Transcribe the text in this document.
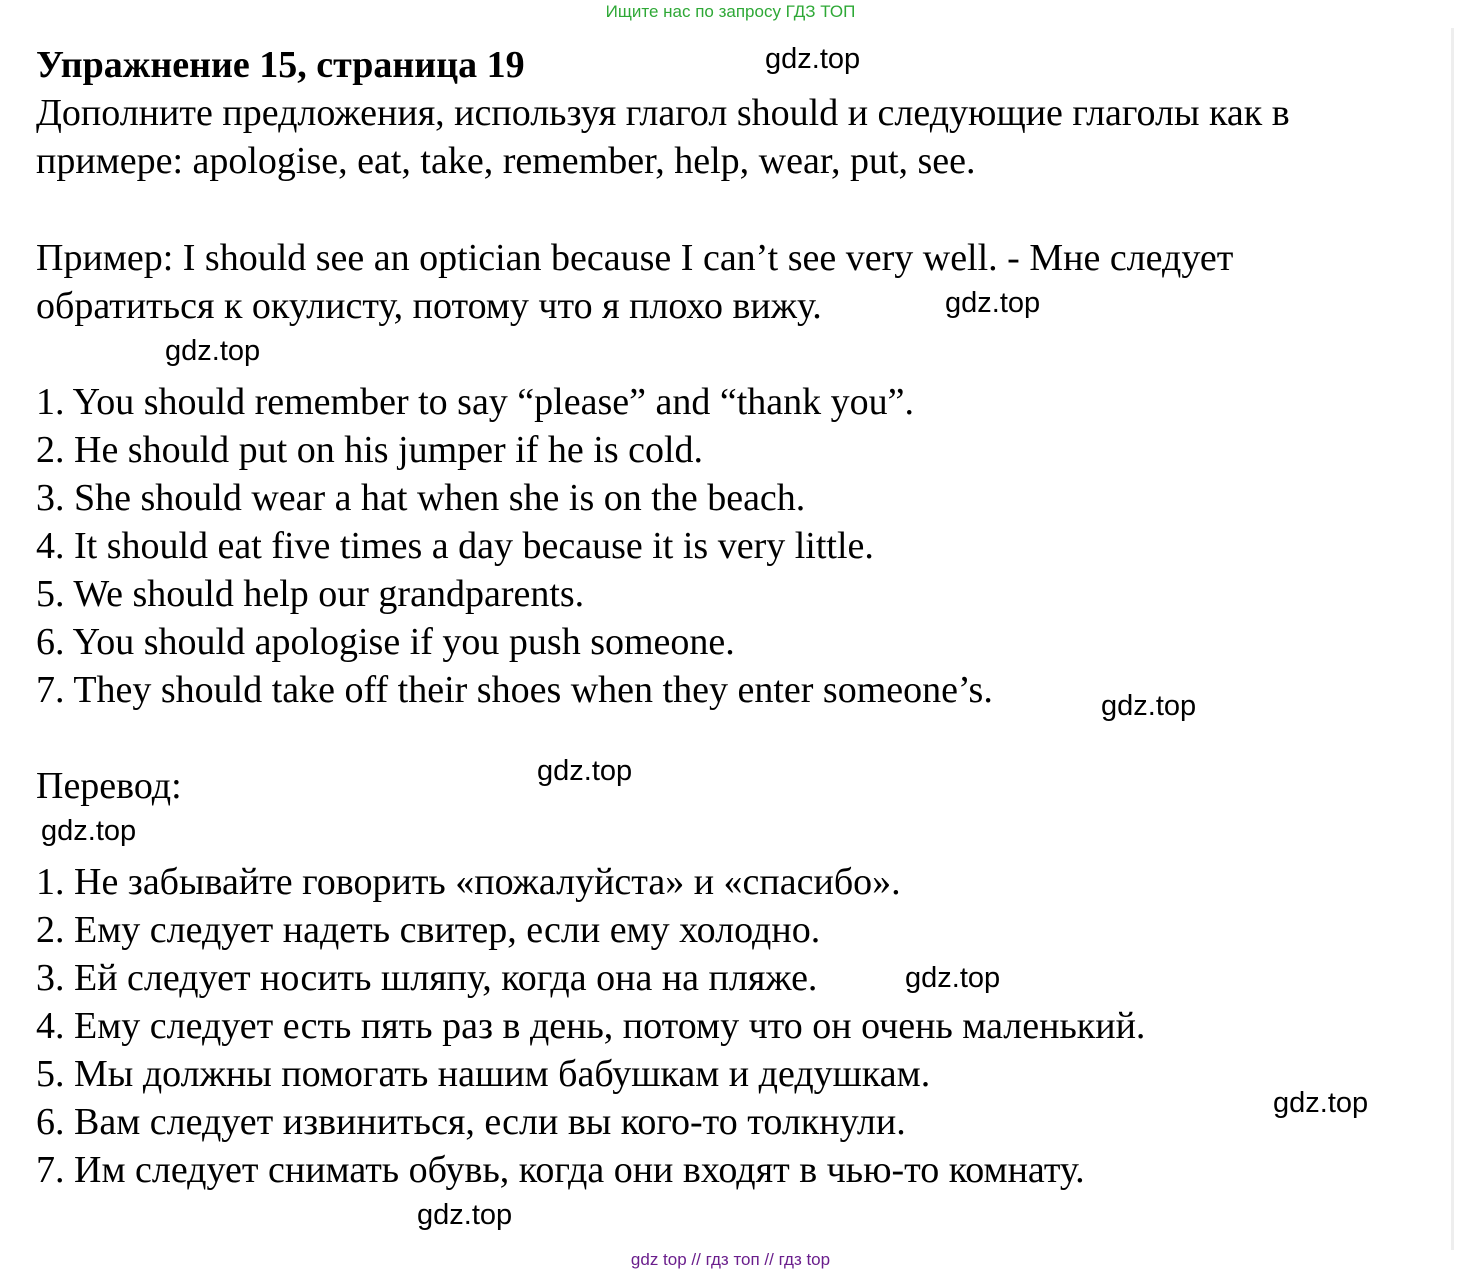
Ищите нас по запросу ГДЗ ТОП
Упражнение 15, страница 19
Дополните предложения, используя глагол should и следующие глаголы как в
примере: apologise, eat, take, remember, help, wear, put, see.
Пример: I should see an optician because I can’t see very well. - Мне следует
обратиться к окулисту, потому что я плохо вижу.
1. You should remember to say “please” and “thank you”.
2. He should put on his jumper if he is cold.
3. She should wear a hat when she is on the beach.
4. It should eat five times a day because it is very little.
5. We should help our grandparents.
6. You should apologise if you push someone.
7. They should take off their shoes when they enter someone’s.
Перевод:
1. Не забывайте говорить «пожалуйста» и «спасибо».
2. Ему следует надеть свитер, если ему холодно.
3. Ей следует носить шляпу, когда она на пляже.
4. Ему следует есть пять раз в день, потому что он очень маленький.
5. Мы должны помогать нашим бабушкам и дедушкам.
6. Вам следует извиниться, если вы кого-то толкнули.
7. Им следует снимать обувь, когда они входят в чью-то комнату.
gdz.top
gdz.top
gdz.top
gdz.top
gdz.top
gdz.top
gdz.top
gdz.top
gdz.top
gdz top // гдз топ // гдз top
